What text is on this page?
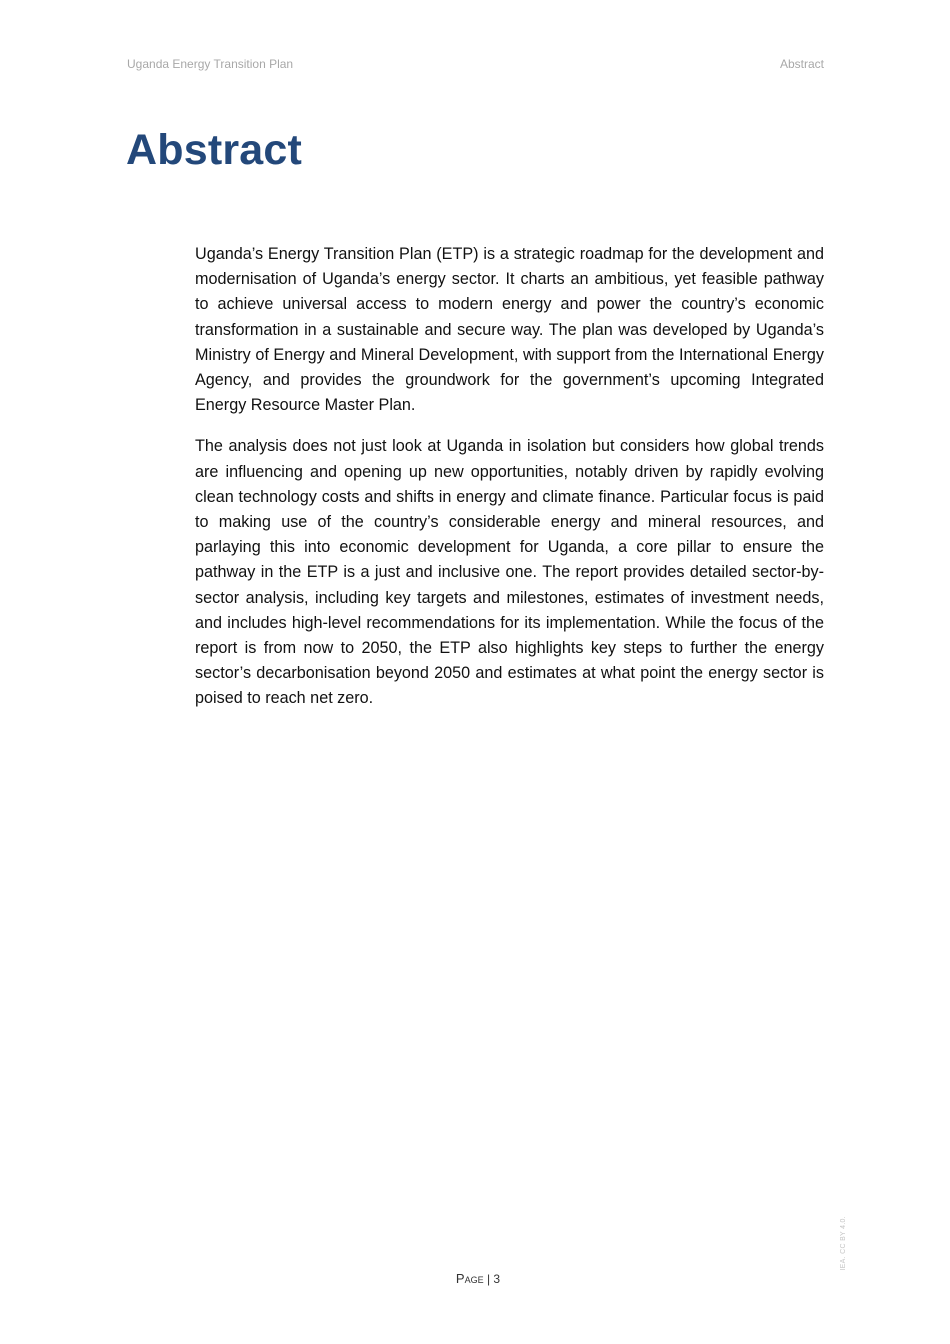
Uganda Energy Transition Plan	Abstract
Abstract

Uganda’s Energy Transition Plan (ETP) is a strategic roadmap for the development and modernisation of Uganda’s energy sector. It charts an ambitious, yet feasible pathway to achieve universal access to modern energy and power the country’s economic transformation in a sustainable and secure way. The plan was developed by Uganda’s Ministry of Energy and Mineral Development, with support from the International Energy Agency, and provides the groundwork for the government’s upcoming Integrated Energy Resource Master Plan.

The analysis does not just look at Uganda in isolation but considers how global trends are influencing and opening up new opportunities, notably driven by rapidly evolving clean technology costs and shifts in energy and climate finance. Particular focus is paid to making use of the country’s considerable energy and mineral resources, and parlaying this into economic development for Uganda, a core pillar to ensure the pathway in the ETP is a just and inclusive one. The report provides detailed sector-by-sector analysis, including key targets and milestones, estimates of investment needs, and includes high-level recommendations for its implementation. While the focus of the report is from now to 2050, the ETP also highlights key steps to further the energy sector’s decarbonisation beyond 2050 and estimates at what point the energy sector is poised to reach net zero.

Page | 3
IEA. CC BY 4.0.
